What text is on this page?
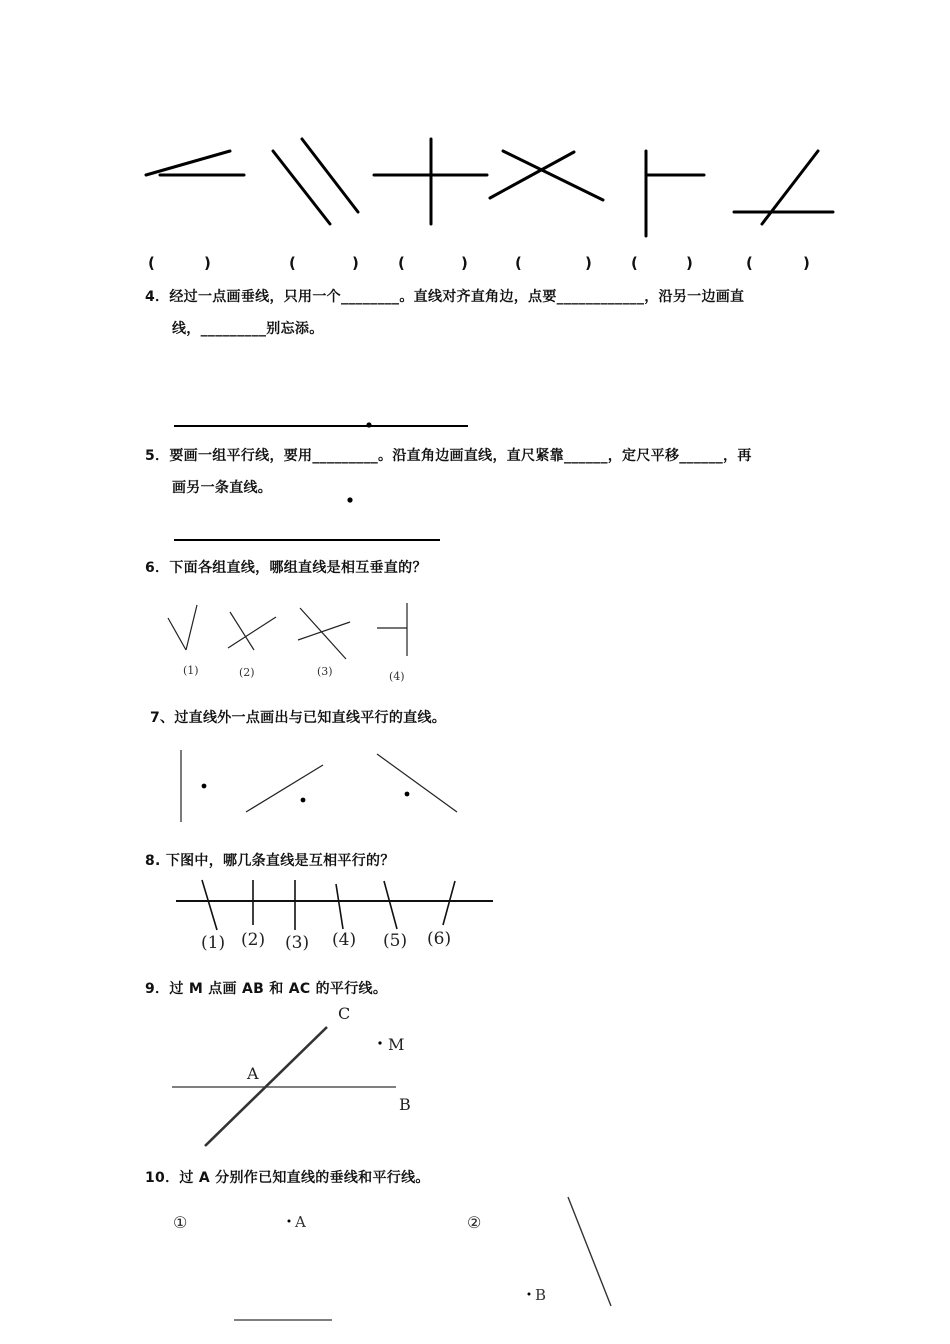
(	)	(	)	(	)	(	)	(	)	(	)
4．经过一点画垂线，只用一个________。直线对齐直角边，点要____________，沿另一边画直
线，_________别忘添。
5．要画一组平行线，要用_________。沿直角边画直线，直尺紧靠______，定尺平移______，再
画另一条直线。
6．下面各组直线，哪组直线是相互垂直的？
(1)	(2)	(3)	(4)
7、过直线外一点画出与已知直线平行的直线。
8. 下图中，哪几条直线是互相平行的？
(1) (2) (3) (4) (5) (6)
9．过 M 点画 AB 和 AC 的平行线。
C
M
A
B
10．过 A 分别作已知直线的垂线和平行线。
①	A	②
B
